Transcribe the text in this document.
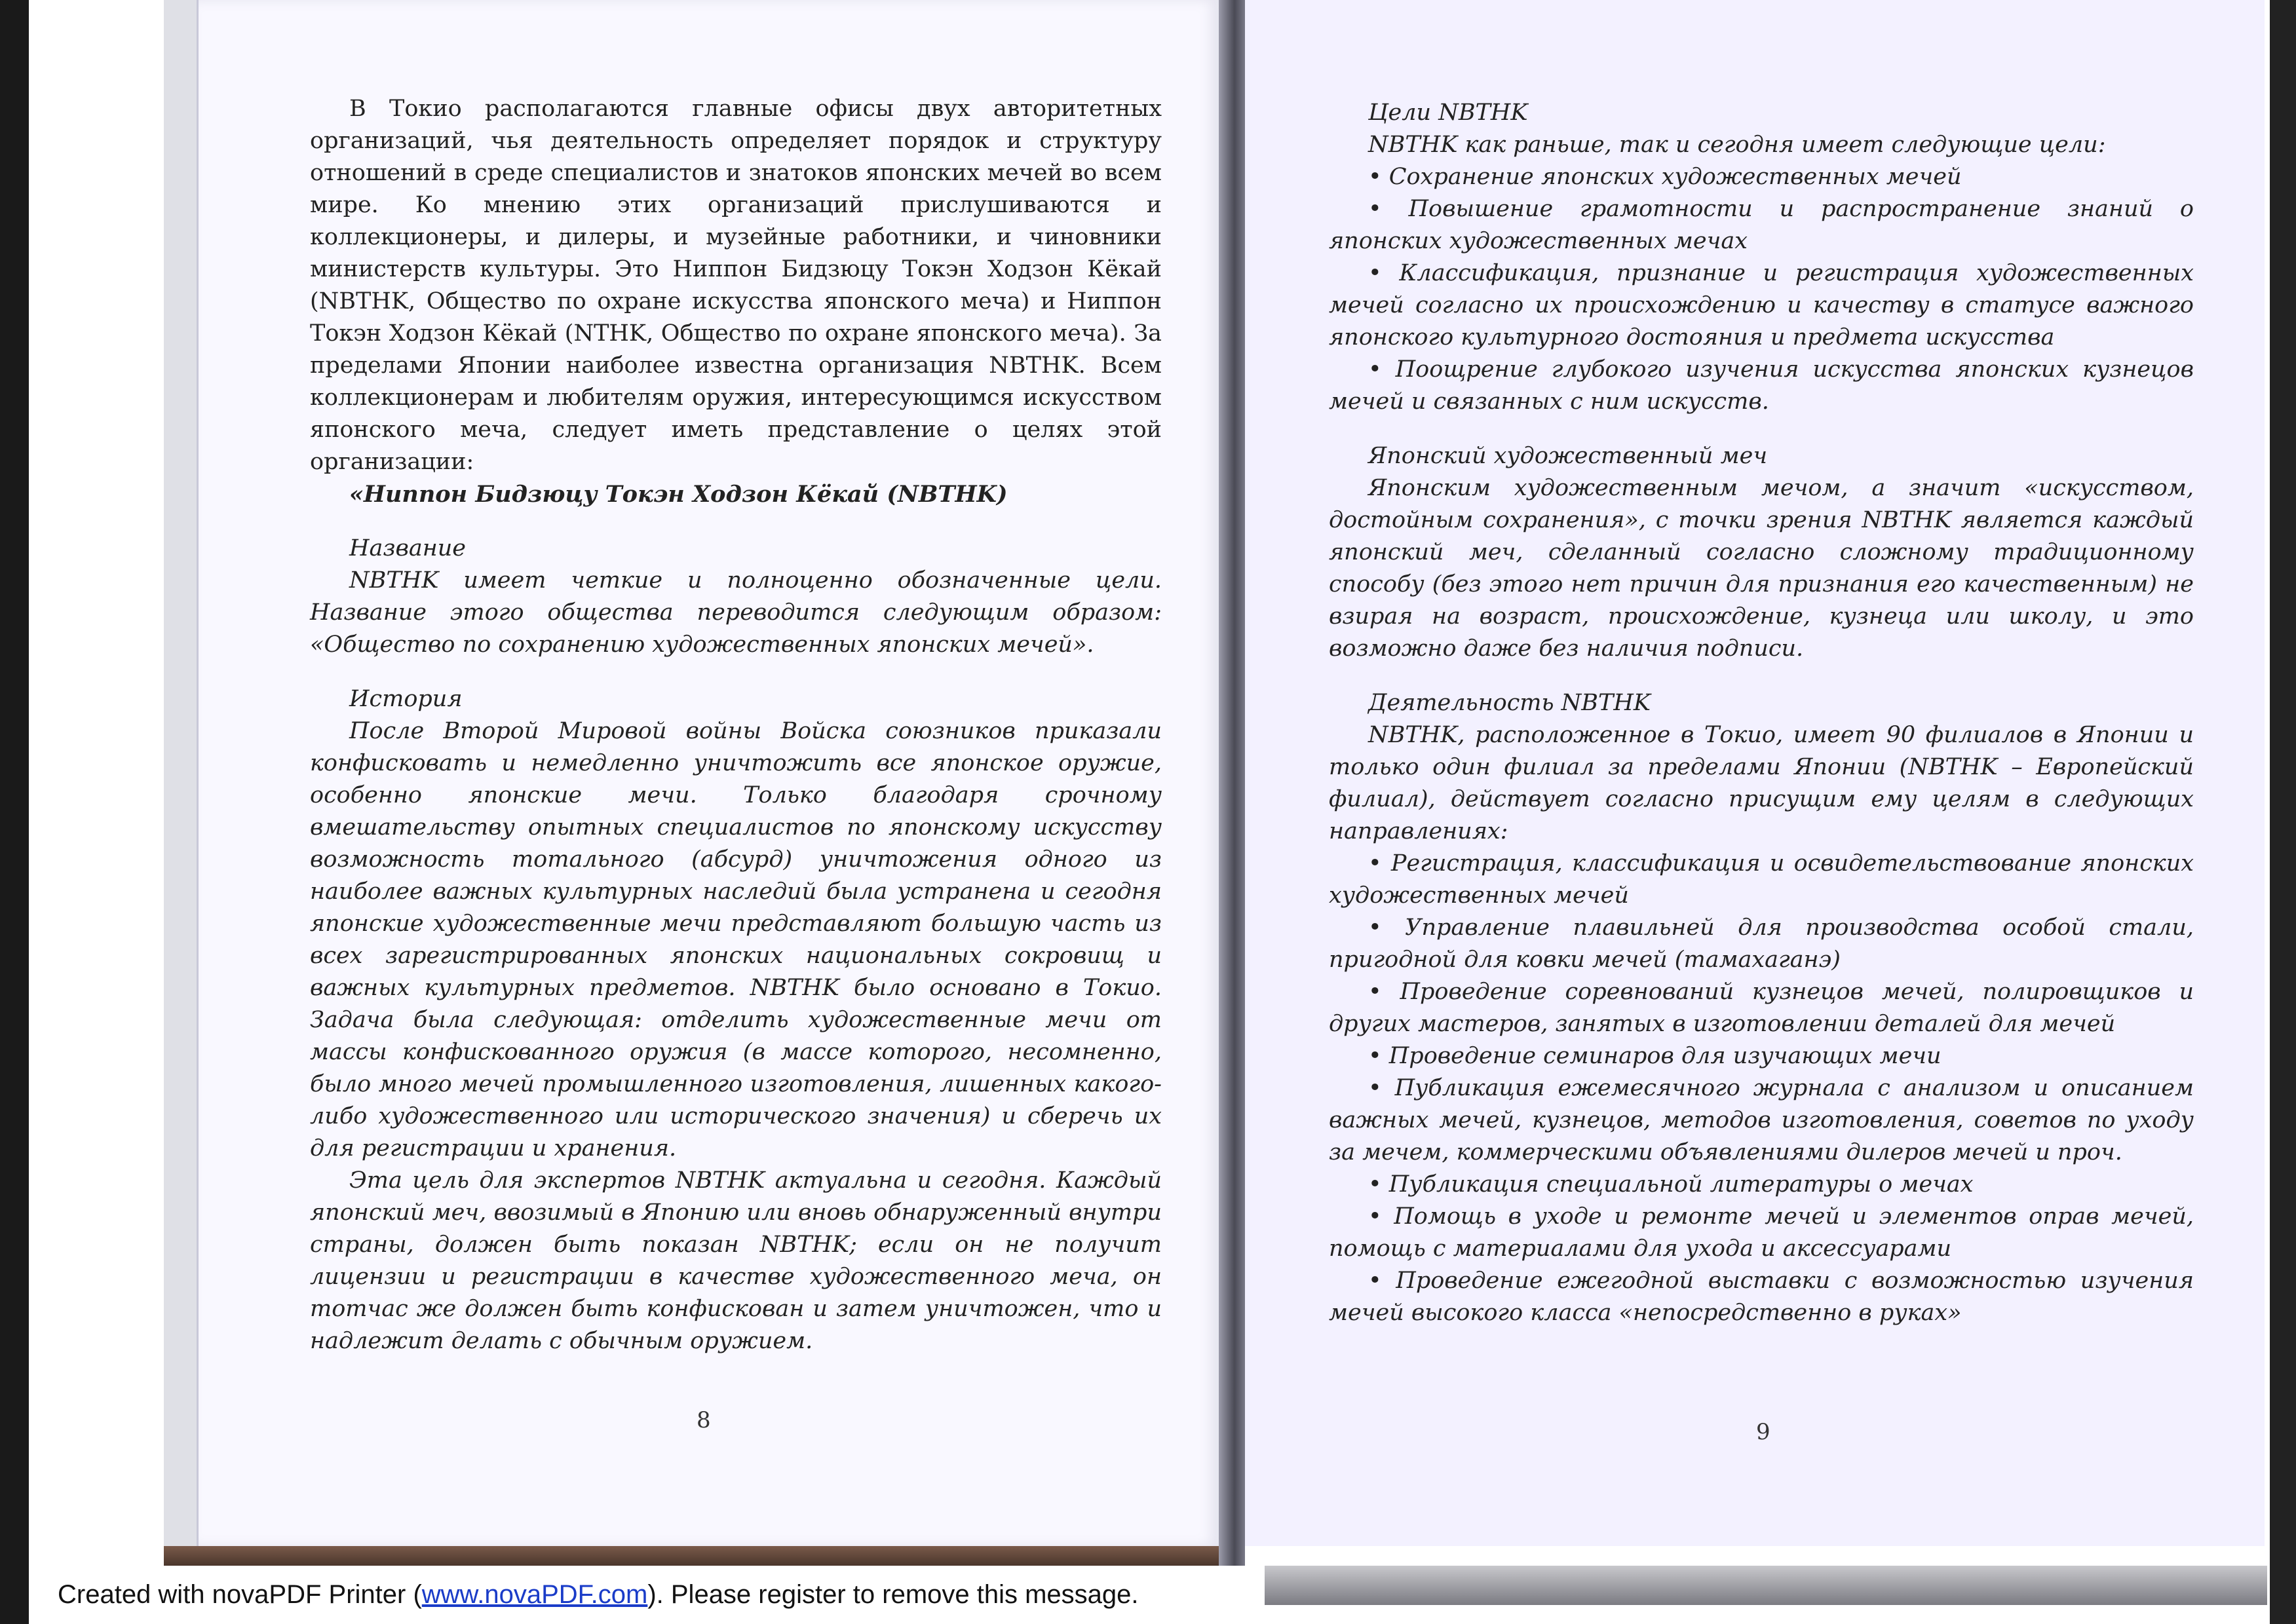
В Токио располагаются главные офисы двух авторитетных организаций, чья деятельность определяет порядок и структуру отношений в среде специалистов и знатоков японских мечей во всем мире. Ко мнению этих организаций прислушиваются и коллекционеры, и дилеры, и музейные работники, и чиновники министерств культуры. Это Ниппон Бидзюцу Токэн Ходзон Кёкай (NBTHK, Общество по охране искусства японского меча) и Ниппон Токэн Ходзон Кёкай (NTHK, Общество по охране японского меча). За пределами Японии наиболее известна организация NBTHK. Всем коллекционерам и любителям оружия, интересующимся искусством японского меча, следует иметь представление о целях этой организации:

«Ниппон Бидзюцу Токэн Ходзон Кёкай (NBTHK)

Название

NBTHK имеет четкие и полноценно обозначенные цели. Название этого общества переводится следующим образом: «Общество по сохранению художественных японских мечей».

История

После Второй Мировой войны Войска союзников приказали конфисковать и немедленно уничтожить все японское оружие, особенно японские мечи. Только благодаря срочному вмешательству опытных специалистов по японскому искусству возможность тотального (абсурд) уничтожения одного из наиболее важных культурных наследий была устранена и сегодня японские художественные мечи представляют большую часть из всех зарегистрированных японских национальных сокровищ и важных культурных предметов. NBTHK было основано в Токио. Задача была следующая: отделить художественные мечи от массы конфискованного оружия (в массе которого, несомненно, было много мечей промышленного изготовления, лишенных какого-либо художественного или исторического значения) и сберечь их для регистрации и хранения.

Эта цель для экспертов NBTHK актуальна и сегодня. Каждый японский меч, ввозимый в Японию или вновь обнаруженный внутри страны, должен быть показан NBTHK; если он не получит лицензии и регистрации в качестве художественного меча, он тотчас же должен быть конфискован и затем уничтожен, что и надлежит делать с обычным оружием.

8

Цели NBTHK

NBTHK как раньше, так и сегодня имеет следующие цели:

• Сохранение японских художественных мечей

• Повышение грамотности и распространение знаний о японских художественных мечах

• Классификация, признание и регистрация художественных мечей согласно их происхождению и качеству в статусе важного японского культурного достояния и предмета искусства

• Поощрение глубокого изучения искусства японских кузнецов мечей и связанных с ним искусств.

Японский художественный меч

Японским художественным мечом, а значит «искусством, достойным сохранения», с точки зрения NBTHK является каждый японский меч, сделанный согласно сложному традиционному способу (без этого нет причин для признания его качественным) не взирая на возраст, происхождение, кузнеца или школу, и это возможно даже без наличия подписи.

Деятельность NBTHK

NBTHK, расположенное в Токио, имеет 90 филиалов в Японии и только один филиал за пределами Японии (NBTHK – Европейский филиал), действует согласно присущим ему целям в следующих направлениях:

• Регистрация, классификация и освидетельствование японских художественных мечей

• Управление плавильней для производства особой стали, пригодной для ковки мечей (тамахаганэ)

• Проведение соревнований кузнецов мечей, полировщиков и других мастеров, занятых в изготовлении деталей для мечей

• Проведение семинаров для изучающих мечи

• Публикация ежемесячного журнала с анализом и описанием важных мечей, кузнецов, методов изготовления, советов по уходу за мечем, коммерческими объявлениями дилеров мечей и проч.

• Публикация специальной литературы о мечах

• Помощь в уходе и ремонте мечей и элементов оправ мечей, помощь с материалами для ухода и аксессуарами

• Проведение ежегодной выставки с возможностью изучения мечей высокого класса «непосредственно в руках»

9
Created with novaPDF Printer (www.novaPDF.com). Please register to remove this message.
